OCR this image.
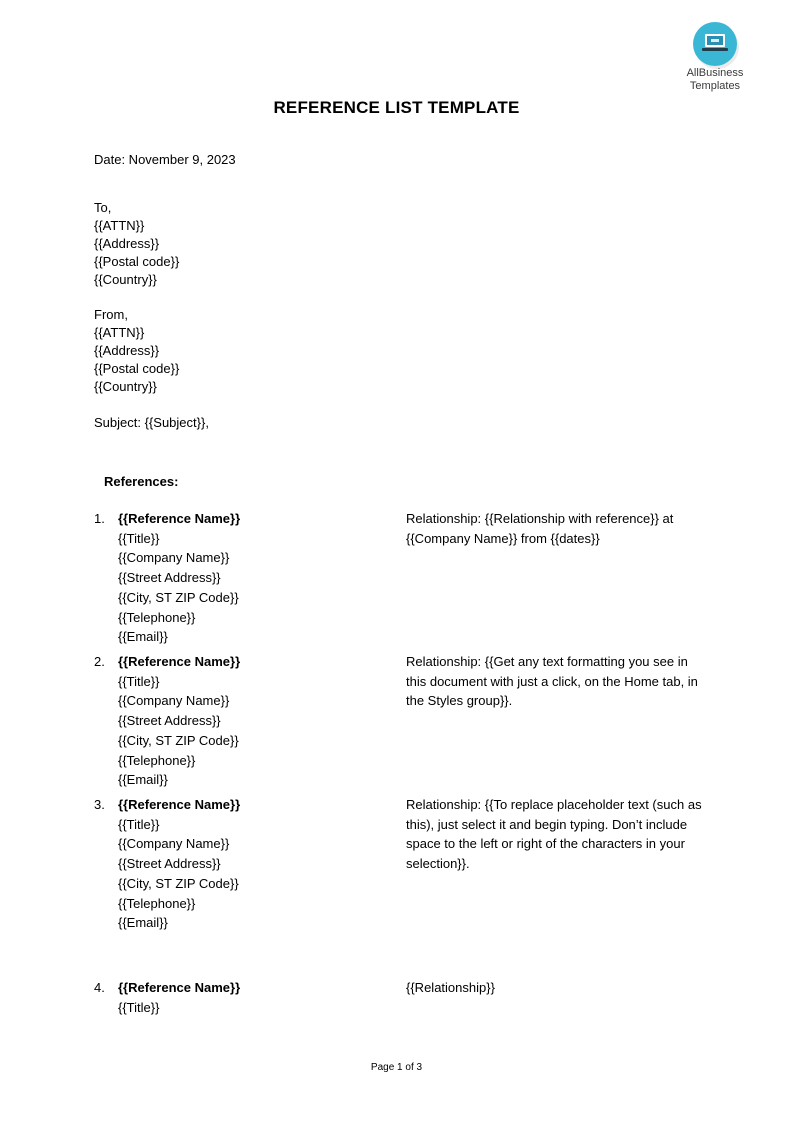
AllBusiness
Templates
REFERENCE LIST TEMPLATE
Date: November 9, 2023
To,
{{ATTN}}
{{Address}}
{{Postal code}}
{{Country}}
From,
{{ATTN}}
{{Address}}
{{Postal code}}
{{Country}}
Subject: {{Subject}},
References:
1. {{Reference Name}}
{{Title}}
{{Company Name}}
{{Street Address}}
{{City, ST ZIP Code}}
{{Telephone}}
{{Email}}
Relationship: {{Relationship with reference}} at {{Company Name}} from {{dates}}
2. {{Reference Name}}
{{Title}}
{{Company Name}}
{{Street Address}}
{{City, ST ZIP Code}}
{{Telephone}}
{{Email}}
Relationship: {{Get any text formatting you see in this document with just a click, on the Home tab, in the Styles group}}.
3. {{Reference Name}}
{{Title}}
{{Company Name}}
{{Street Address}}
{{City, ST ZIP Code}}
{{Telephone}}
{{Email}}
Relationship: {{To replace placeholder text (such as this), just select it and begin typing. Don’t include space to the left or right of the characters in your selection}}.
4. {{Reference Name}}
{{Title}}
{{Relationship}}
Page 1 of 3
